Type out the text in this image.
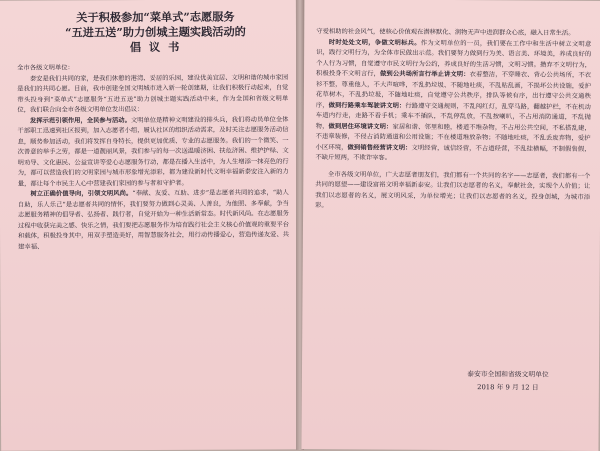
关于积极参加“菜单式”志愿服务
“五进五送”助力创城主题实践活动的
倡 议 书

全市各级文明单位：

泰安是我们共同的家，是我们休憩的港湾、妥居的乐园，建设优美宜居、文明和谐的城市家园是我们的共同心愿。目前，我市创建全国文明城市进入新一轮创建期，让我们积极行动起来，自觉带头投身到“菜单式”志愿服务“五进五送”助力创城主题实践活动中来，作为全国和省级文明单位，我们联合向全市各级文明单位发出倡议：

发挥示范引领作用，全民参与活动。文明单位是精神文明建设的排头兵，我们将动员单位全体干部职工迅速到社区报到，加入志愿者小组，履认社区的组织活动需求，及时关注志愿服务活动信息，顺势参加活动，我们将发挥自身特长，提供更加优质、专业的志愿服务。我们的一个微笑、一次善意的举手之劳，都是一道靓丽风景，我们参与的每一次送温暖济困、扶危济困、维护护绿、文明劝导、文化惠民、公益宣讲等爱心志愿服务行动，都是在播入生活中，为人生增添一抹亮色的行为，都可以营造我们的文明家园与城市形象增光添彩，都为建设新时代文明幸福新泰安注入新的力量，都让每个市民主人心中营建我们家园的参与者和守护者。

树立正确价值导向，引领文明风尚。“奉献、友爱、互助、进步”是志愿者共同的追求，“助人自助，乐人乐己”是志愿者共同的情怀，我们要努力做到心灵美、人善良，为他照、多奉献，争当志愿服务精神的倡导者、弘扬者、践行者，自觉开始为一种生活新常态。时代新风尚。在志愿服务过程中收获完美之感、快乐之情，我们要把志愿服务作为培育践行社会主义核心价值观的重要平台和载体，积极投身其中，用双手塑造美好，用智慧服务社会，用行动传播爱心，营造传递友爱、共建幸福、

守爱相助的社会风气，使核心价值观在潜移默化、润物无声中进润群众心底，融入日常生活。

时时处处文明，争做文明标兵。作为文明单位的一员，我们要在工作中和生活中树立文明意识，践行文明行为，为全体市民做出示范。我们要努力做到行为美、语言美、环境美，养成良好的个人行为习惯，自觉遵守市民文明行为公约，养成良好的生活习惯，文明习惯。攒弃不文明行为，积极投身不文明言行，做到公共场所言行举止讲文明：衣着整洁，不穿睡衣、背心公共场所，不衣衫不整，尊重他人，不大声喧哗，不乱扔垃圾、不随地吐痰，不乱贴乱画，不损坏公共设施，爱护花草树木，不乱扔垃圾，不随地吐痰，自觉遵守公共秩序，排队等候有序，出行遵守公共交通秩序，做到行路乘车驾驶讲文明：行路遵守交通规则，不乱闯红灯，乱穿马路，翻越护栏，不在机动车道内行走，走路不看手机；乘车不插队，不乱停乱放，不乱按喇叭，不占用消防通道，不乱抛物，做到居住环境讲文明：家居和谐、邻里和睦，楼道不堆杂物，不占用公共空间，不私搭乱建，不违章装修，不侵占消防通道和公用设施；不在楼道堆放杂物；不随地吐痰，不乱丢废弃物，爱护小区环境，做到销售经营讲文明：文明经营，诚信经营，不占道经营，不乱挂横幅，不制假售假，不缺斤短两，不欺诈宰客。

全市各级文明单位，广大志愿者朋友们，我们都有一个共同的名字——志愿者，我们都有一个共同的愿望——建设富裕文明幸福新泰安。让我们以志愿者的名义，奉献社会，实现个人价值；让我们以志愿者的名义，展文明风采，为单位增光；让我们以志愿者的名义，投身创城，为城市添彩。

泰安市全国和省级文明单位
2018 年 9 月 12 日
